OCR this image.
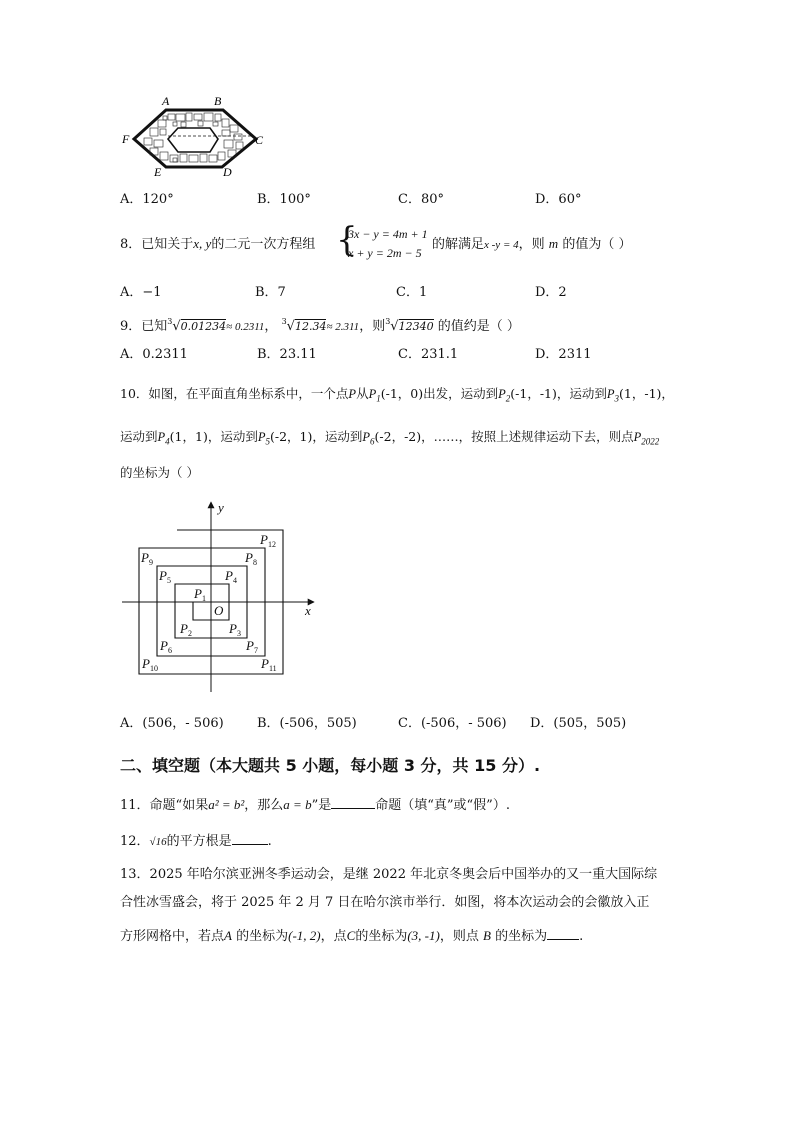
A	B
C
D
E
F
A．120°	B．100°	C．80°	D．60°
8．已知关于x, y的二元一次方程组 {
3x − y = 4m + 1
x + y = 2m − 5
的解满足x -y = 4，则 m 的值为（ ）
A．−1	B．7	C．1	D．2
9．已知$^3$√0.01234≈ 0.2311， $^3$√12.34≈ 2.311，则$^3$√12340 的值约是（ ）
A．0.2311	B．23.11	C．231.1	D．2311
10．如图，在平面直角坐标系中，一个点P从$P_1(-1$，0)出发，运动到$P_2(-1$，-1)，运动到$P_3(1$，-1)，
运动到$P_4(1$，1)，运动到$P_5(-2$，1)，运动到$P_6(-2$，-2)，……，按照上述规律运动下去，则点$P_{2022}$
的坐标为（ ）
y
x
O
$P_1$
$P_2$	$P_3$
$P_4$
$P_5$
$P_6$	$P_7$
$P_8$
$P_9$
$P_{10}$	$P_{11}$
$P_{12}$
A．(506，- 506)	B．(-506，505)	C．(-506，- 506) D．(505，505)
二、填空题（本大题共 5 小题，每小题 3 分，共 15 分）.
11．命题“如果a² = b²，那么a = b”是	命题（填“真”或“假”）.
12．√16的平方根是	.
13．2025 年哈尔滨亚洲冬季运动会，是继 2022 年北京冬奥会后中国举办的又一重大国际综
合性冰雪盛会，将于 2025 年 2 月 7 日在哈尔滨市举行．如图，将本次运动会的会徽放入正
方形网格中，若点A 的坐标为(-1, 2)，点C的坐标为(3, -1)，则点 B 的坐标为 .
